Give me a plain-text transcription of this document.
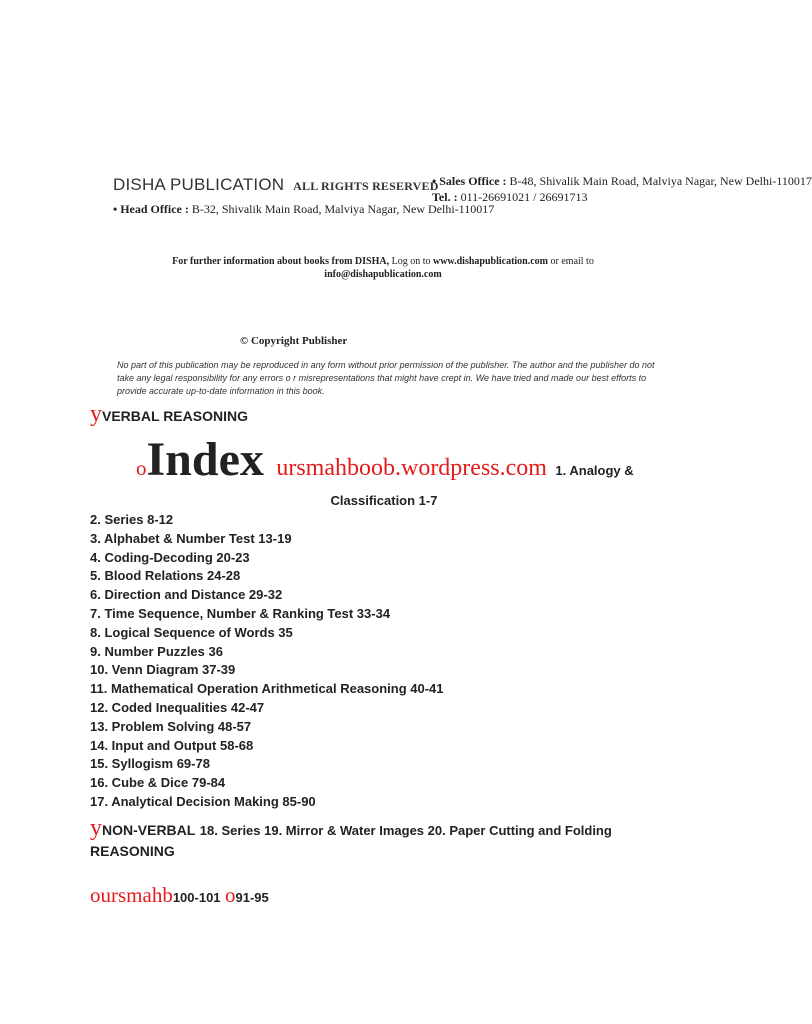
DISHA PUBLICATION ALL RIGHTS RESERVED
• Sales Office : B-48, Shivalik Main Road, Malviya Nagar, New Delhi-110017
Tel. : 011-26691021 / 26691713
• Head Office : B-32, Shivalik Main Road, Malviya Nagar, New Delhi-110017
For further information about books from DISHA, Log on to www.dishapublication.com or email to
info@dishapublication.com
© Copyright Publisher
No part of this publication may be reproduced in any form without prior permission of the publisher. The author and the publisher do not take any legal responsibility for any errors o r misrepresentations that might have crept in. We have tried and made our best efforts to provide accurate up-to-date information in this book.
yVERBAL REASONING
oIndex ursmahboob.wordpress.com 1. Analogy &
Classification 1-7
2. Series 8-12
3. Alphabet & Number Test 13-19
4. Coding-Decoding 20-23
5. Blood Relations 24-28
6. Direction and Distance 29-32
7. Time Sequence, Number & Ranking Test 33-34
8. Logical Sequence of Words 35
9. Number Puzzles 36
10. Venn Diagram 37-39
11. Mathematical Operation Arithmetical Reasoning 40-41
12. Coded Inequalities 42-47
13. Problem Solving 48-57
14. Input and Output 58-68
15. Syllogism 69-78
16. Cube & Dice 79-84
17. Analytical Decision Making 85-90
yNON-VERBAL 18. Series 19. Mirror & Water Images 20. Paper Cutting and Folding
REASONING
oursmahb100-101 o91-95
